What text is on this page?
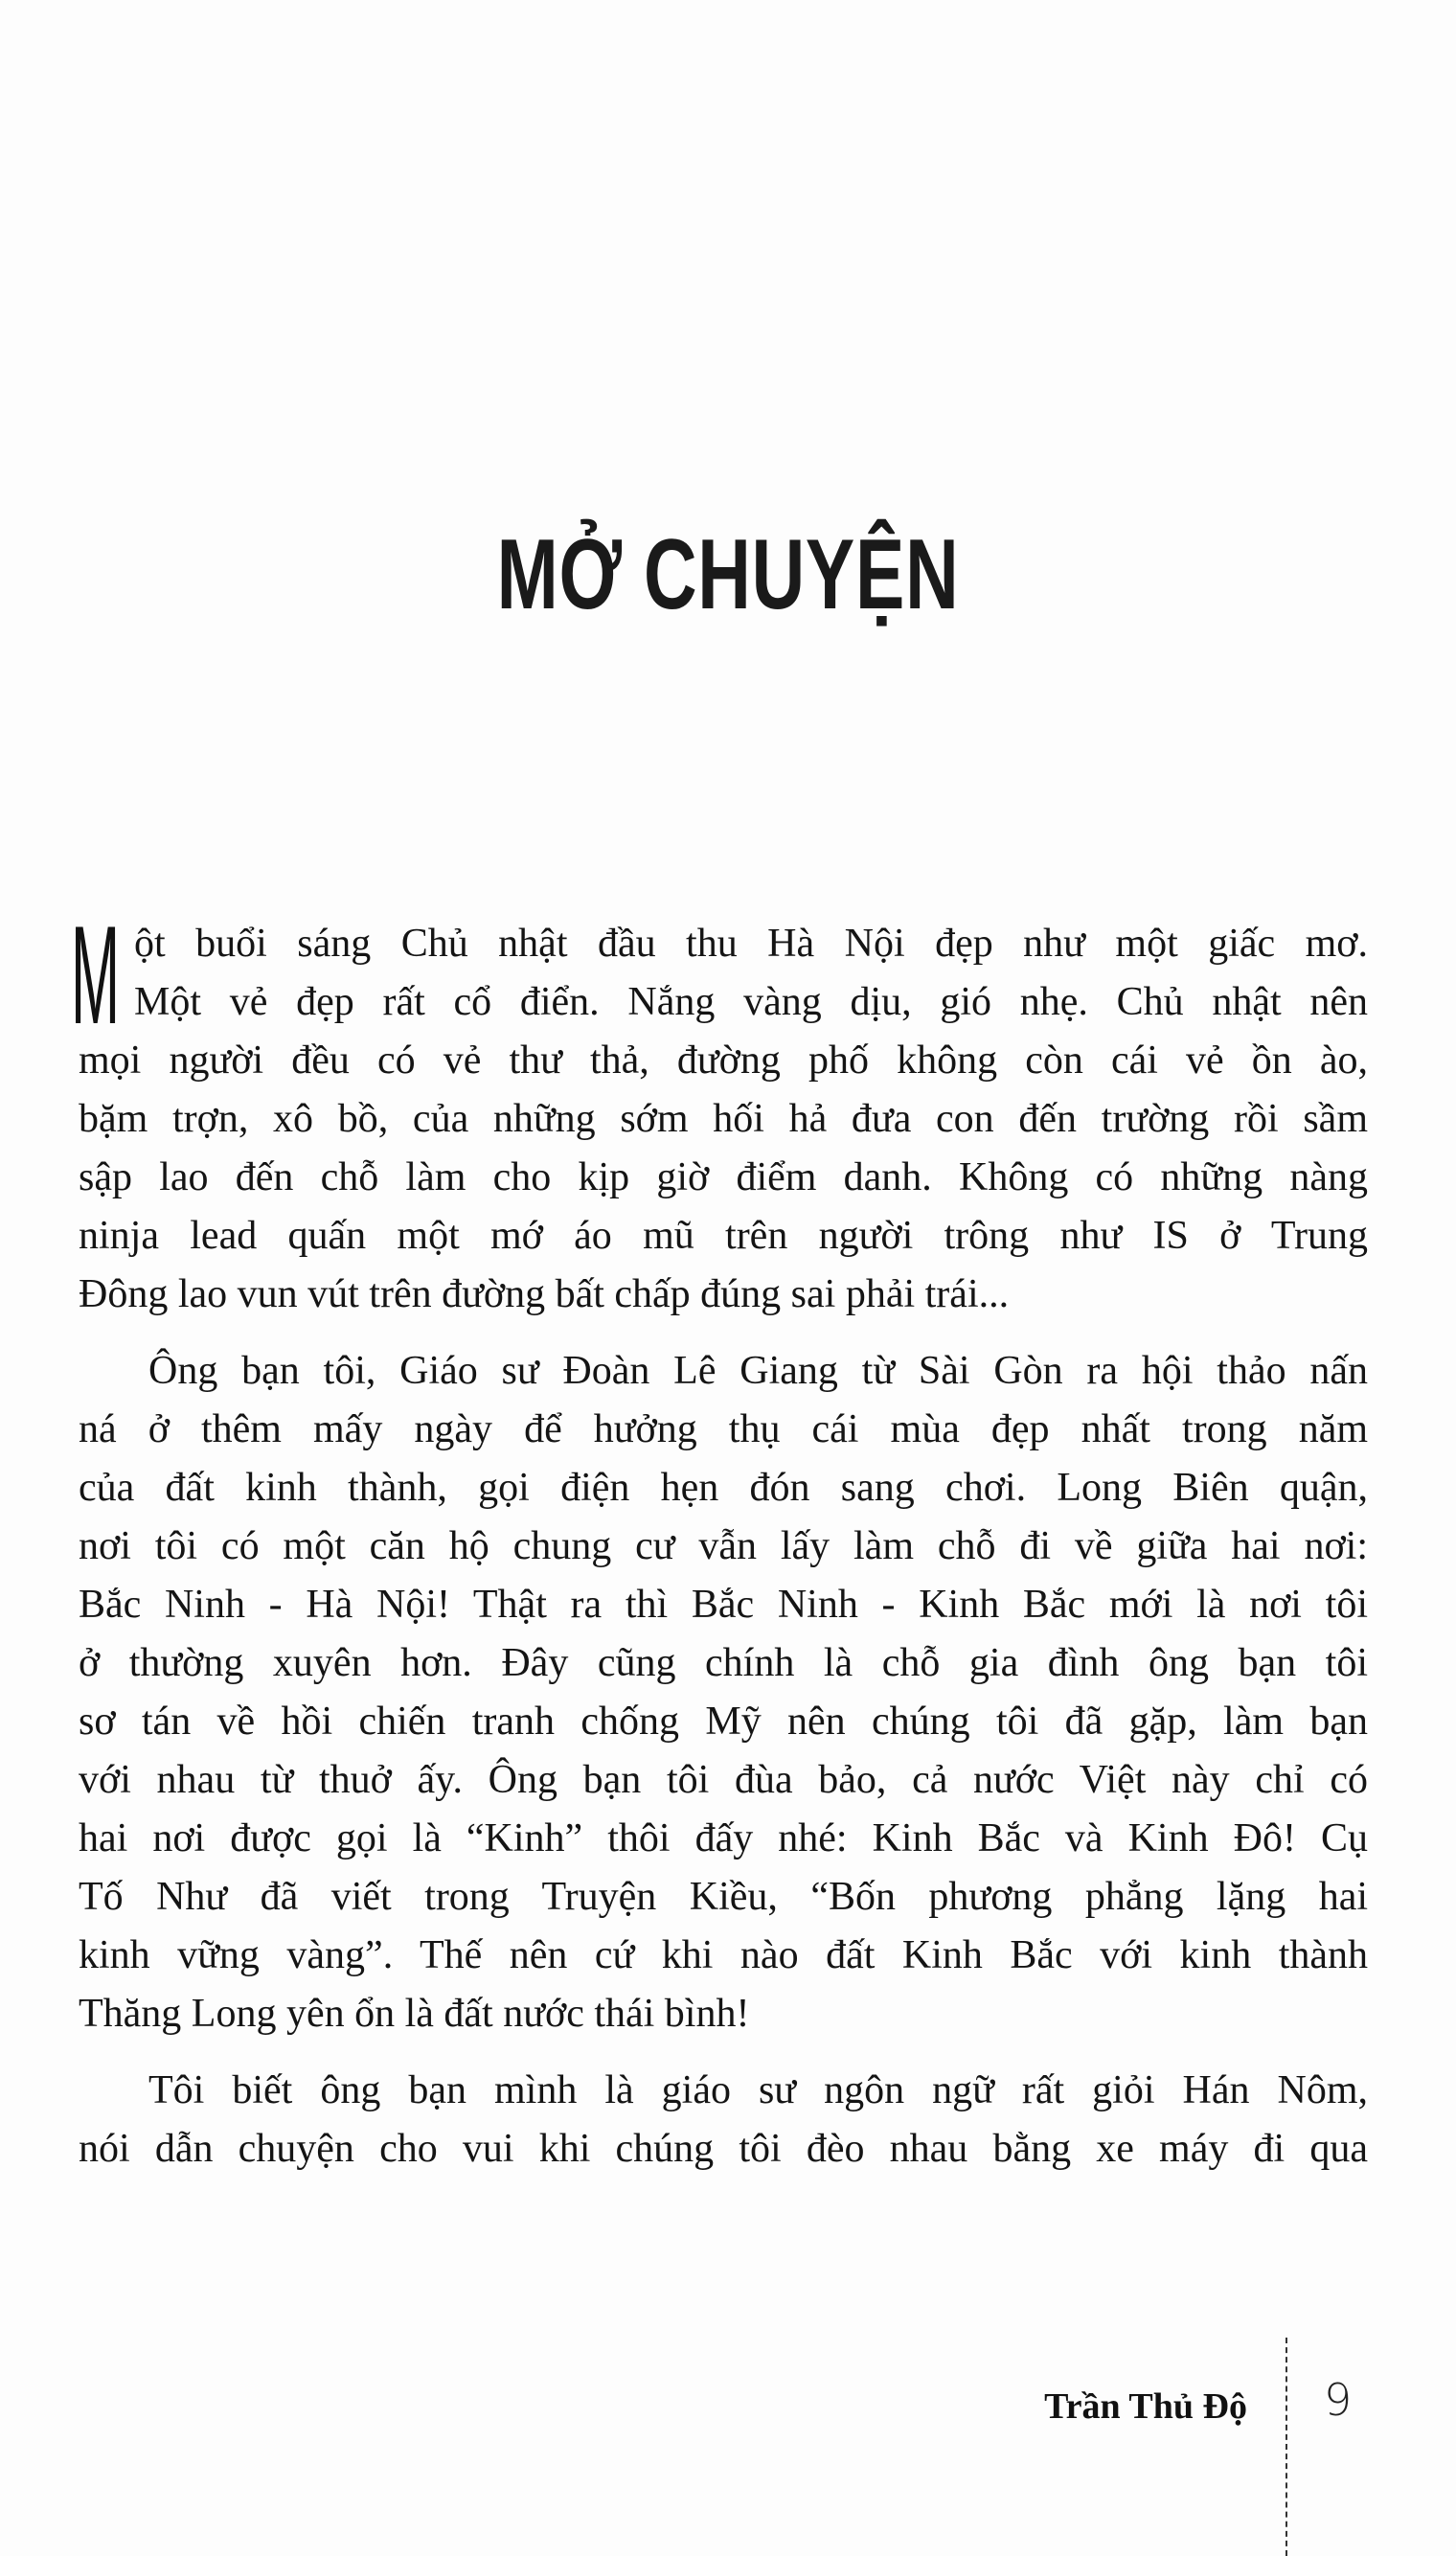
MỞ CHUYỆN
ột buổi sáng Chủ nhật đầu thu Hà Nội đẹp như một giấc mơ.
Một vẻ đẹp rất cổ điển. Nắng vàng dịu, gió nhẹ. Chủ nhật nên
mọi người đều có vẻ thư thả, đường phố không còn cái vẻ ồn ào,
bặm trợn, xô bồ, của những sớm hối hả đưa con đến trường rồi sầm
sập lao đến chỗ làm cho kịp giờ điểm danh. Không có những nàng
ninja lead quấn một mớ áo mũ trên người trông như IS ở Trung
Đông lao vun vút trên đường bất chấp đúng sai phải trái...
Ông bạn tôi, Giáo sư Đoàn Lê Giang từ Sài Gòn ra hội thảo nấn
ná ở thêm mấy ngày để hưởng thụ cái mùa đẹp nhất trong năm
của đất kinh thành, gọi điện hẹn đón sang chơi. Long Biên quận,
nơi tôi có một căn hộ chung cư vẫn lấy làm chỗ đi về giữa hai nơi:
Bắc Ninh - Hà Nội! Thật ra thì Bắc Ninh - Kinh Bắc mới là nơi tôi
ở thường xuyên hơn. Đây cũng chính là chỗ gia đình ông bạn tôi
sơ tán về hồi chiến tranh chống Mỹ nên chúng tôi đã gặp, làm bạn
với nhau từ thuở ấy. Ông bạn tôi đùa bảo, cả nước Việt này chỉ có
hai nơi được gọi là “Kinh” thôi đấy nhé: Kinh Bắc và Kinh Đô! Cụ
Tố Như đã viết trong Truyện Kiều, “Bốn phương phẳng lặng hai
kinh vững vàng”. Thế nên cứ khi nào đất Kinh Bắc với kinh thành
Thăng Long yên ổn là đất nước thái bình!
Tôi biết ông bạn mình là giáo sư ngôn ngữ rất giỏi Hán Nôm,
nói dẫn chuyện cho vui khi chúng tôi đèo nhau bằng xe máy đi qua
M
Trần Thủ Độ 9
